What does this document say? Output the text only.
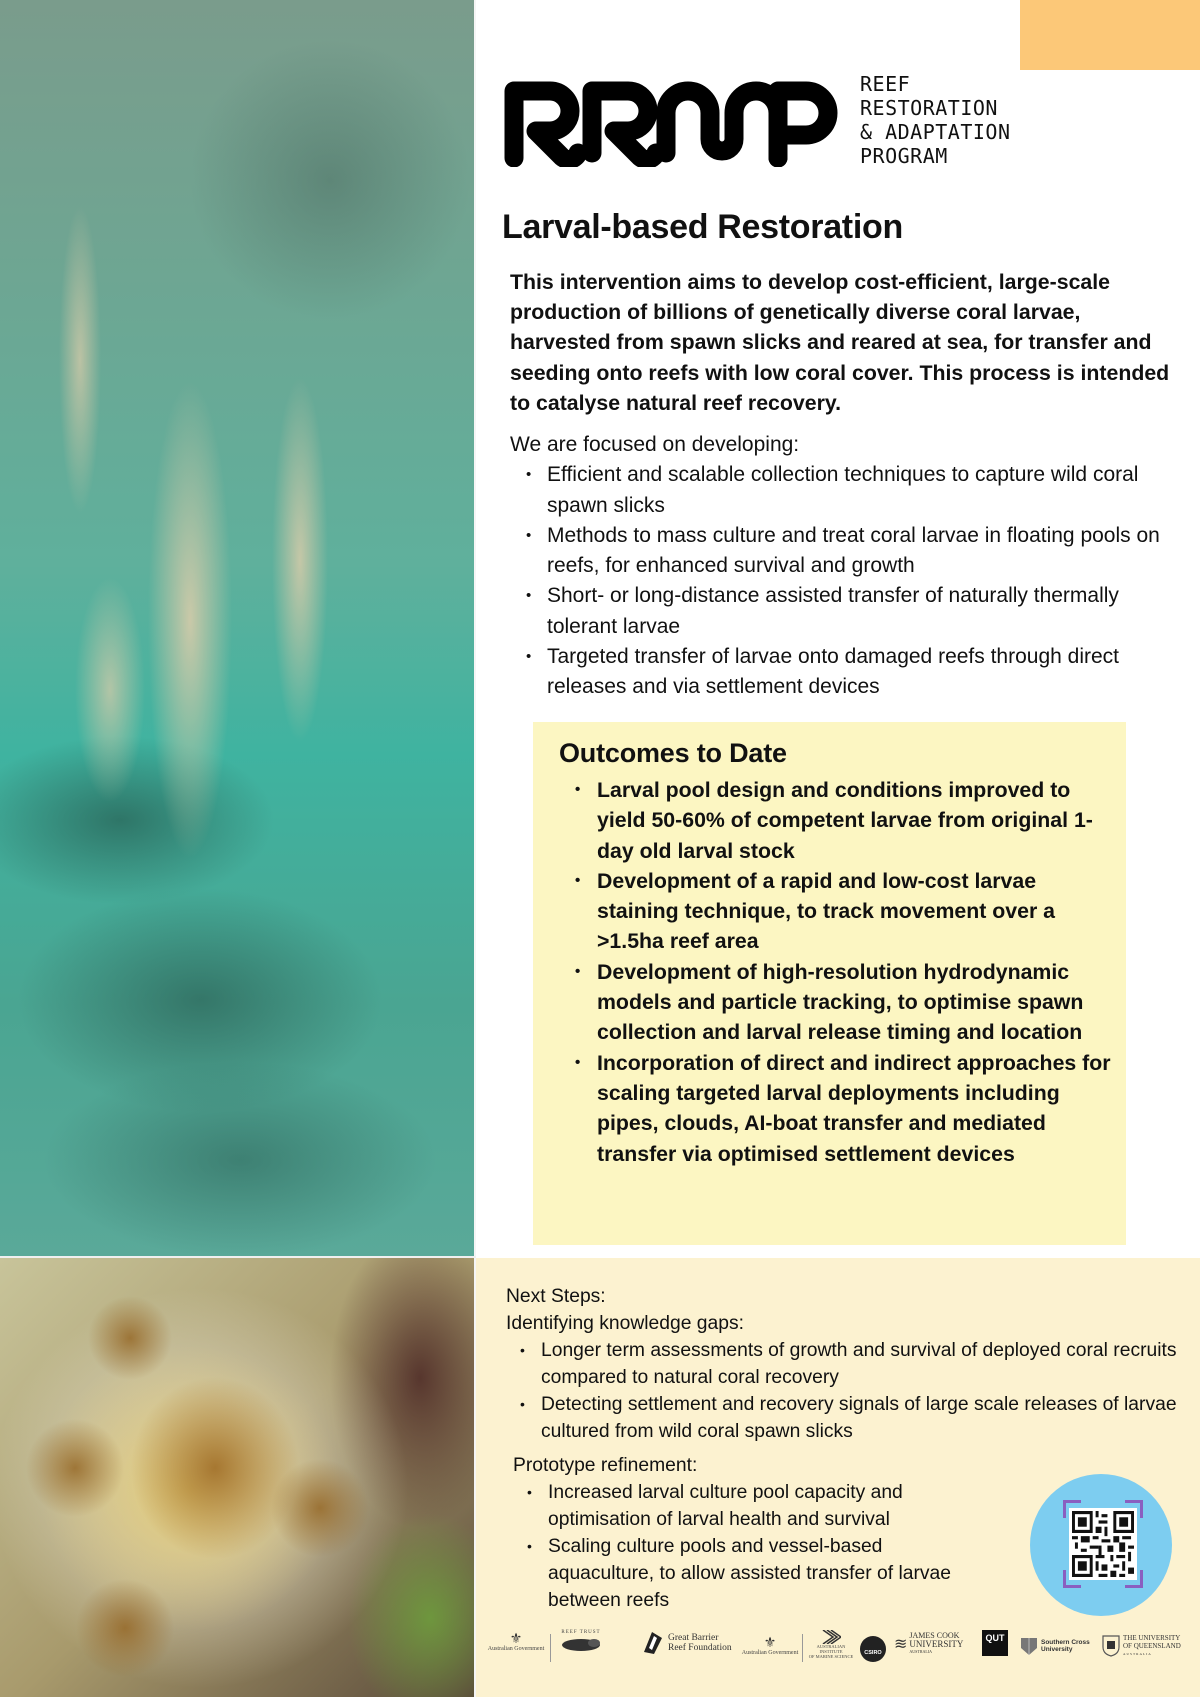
REEF
RESTORATION
& ADAPTATION
PROGRAM
Larval-based Restoration

This intervention aims to develop cost-efficient, large-scale production of billions of genetically diverse coral larvae, harvested from spawn slicks and reared at sea, for transfer and seeding onto reefs with low coral cover. This process is intended to catalyse natural reef recovery.

We are focused on developing:
• Efficient and scalable collection techniques to capture wild coral spawn slicks
• Methods to mass culture and treat coral larvae in floating pools on reefs, for enhanced survival and growth
• Short- or long-distance assisted transfer of naturally thermally tolerant larvae
• Targeted transfer of larvae onto damaged reefs through direct releases and via settlement devices
Outcomes to Date
• Larval pool design and conditions improved to yield 50-60% of competent larvae from original 1-day old larval stock
• Development of a rapid and low-cost larvae staining technique, to track movement over a >1.5ha reef area
• Development of high-resolution hydrodynamic models and particle tracking, to optimise spawn collection and larval release timing and location
• Incorporation of direct and indirect approaches for scaling targeted larval deployments including pipes, clouds, AI-boat transfer and mediated transfer via optimised settlement devices
Next Steps:
Identifying knowledge gaps:
• Longer term assessments of growth and survival of deployed coral recruits compared to natural coral recovery
• Detecting settlement and recovery signals of large scale releases of larvae cultured from wild coral spawn slicks
Prototype refinement:
• Increased larval culture pool capacity and optimisation of larval health and survival
• Scaling culture pools and vessel-based aquaculture, to allow assisted transfer of larvae between reefs
⚜
Australian Government
REEF TRUST
Great Barrier
Reef Foundation ⚜
Australian Government
AUSTRALIAN INSTITUTE
OF MARINE SCIENCE
CSIRO ≋
JAMES COOK
UNIVERSITY
AUSTRALIA
QUT	Southern Cross
University
THE UNIVERSITY
OF QUEENSLAND
AUSTRALIA
